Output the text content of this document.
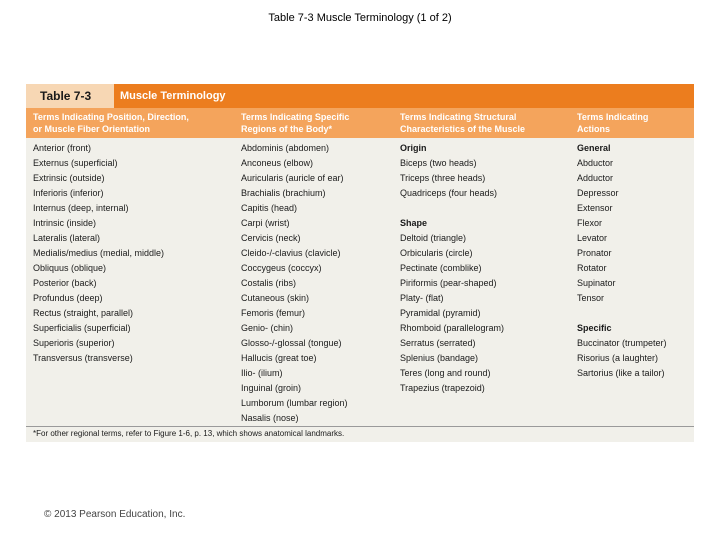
Table 7-3 Muscle Terminology (1 of 2)
Table 7-3	Muscle Terminology
Terms Indicating Position, Direction,
or Muscle Fiber Orientation
Terms Indicating Specific
Regions of the Body*
Terms Indicating Structural
Characteristics of the Muscle
Terms Indicating
Actions
Anterior (front)
Externus (superficial)
Extrinsic (outside)
Inferioris (inferior)
Internus (deep, internal)
Intrinsic (inside)
Lateralis (lateral)
Medialis/medius (medial, middle)
Obliquus (oblique)
Posterior (back)
Profundus (deep)
Rectus (straight, parallel)
Superficialis (superficial)
Superioris (superior)
Transversus (transverse)
Abdominis (abdomen)
Anconeus (elbow)
Auricularis (auricle of ear)
Brachialis (brachium)
Capitis (head)
Carpi (wrist)
Cervicis (neck)
Cleido-/-clavius (clavicle)
Coccygeus (coccyx)
Costalis (ribs)
Cutaneous (skin)
Femoris (femur)
Genio- (chin)
Glosso-/-glossal (tongue)
Hallucis (great toe)
Ilio- (ilium)
Inguinal (groin)
Lumborum (lumbar region)
Nasalis (nose)
Origin
Biceps (two heads)
Triceps (three heads)
Quadriceps (four heads)
Shape
Deltoid (triangle)
Orbicularis (circle)
Pectinate (comblike)
Piriformis (pear-shaped)
Platy- (flat)
Pyramidal (pyramid)
Rhomboid (parallelogram)
Serratus (serrated)
Splenius (bandage)
Teres (long and round)
Trapezius (trapezoid)
General
Abductor
Adductor
Depressor
Extensor
Flexor
Levator
Pronator
Rotator
Supinator
Tensor
Specific
Buccinator (trumpeter)
Risorius (a laughter)
Sartorius (like a tailor)
*For other regional terms, refer to Figure 1-6, p. 13, which shows anatomical landmarks.
© 2013 Pearson Education, Inc.
